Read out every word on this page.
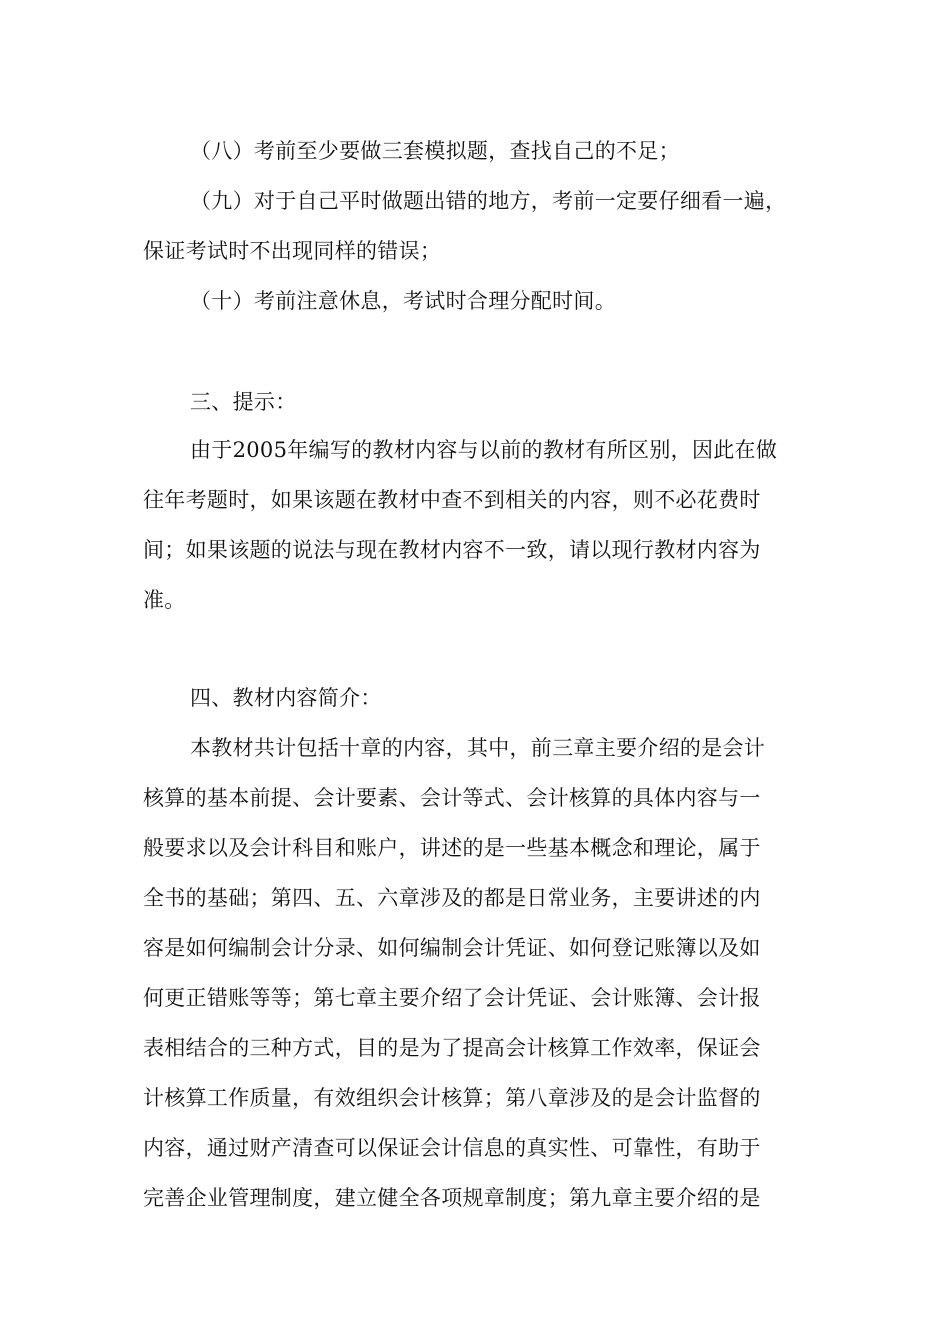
（八）考前至少要做三套模拟题，查找自己的不足；
（九）对于自己平时做题出错的地方，考前一定要仔细看一遍，
保证考试时不出现同样的错误；
（十）考前注意休息，考试时合理分配时间。
三、提示：
由于2005年编写的教材内容与以前的教材有所区别，因此在做
往年考题时，如果该题在教材中查不到相关的内容，则不必花费时
间；如果该题的说法与现在教材内容不一致，请以现行教材内容为
准。
四、教材内容简介：
本教材共计包括十章的内容，其中，前三章主要介绍的是会计
核算的基本前提、会计要素、会计等式、会计核算的具体内容与一
般要求以及会计科目和账户，讲述的是一些基本概念和理论，属于
全书的基础；第四、五、六章涉及的都是日常业务，主要讲述的内
容是如何编制会计分录、如何编制会计凭证、如何登记账簿以及如
何更正错账等等；第七章主要介绍了会计凭证、会计账簿、会计报
表相结合的三种方式，目的是为了提高会计核算工作效率，保证会
计核算工作质量，有效组织会计核算；第八章涉及的是会计监督的
内容，通过财产清查可以保证会计信息的真实性、可靠性，有助于
完善企业管理制度，建立健全各项规章制度；第九章主要介绍的是
